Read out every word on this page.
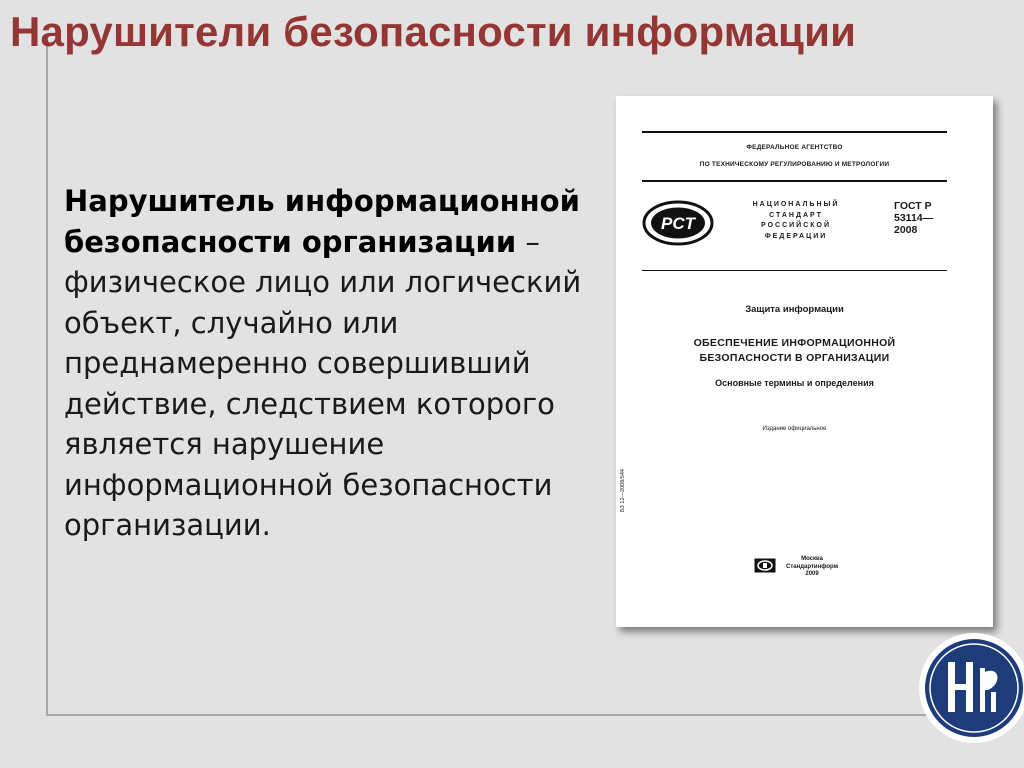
Нарушители безопасности информации

Нарушитель информационной безопасности организации – физическое лицо или логический объект, случайно или преднамеренно совершивший действие, следствием которого является нарушение информационной безопасности организации.

ФЕДЕРАЛЬНОЕ АГЕНТСТВО
ПО ТЕХНИЧЕСКОМУ РЕГУЛИРОВАНИЮ И МЕТРОЛОГИИ
PCT
НАЦИОНАЛЬНЫЙ
СТАНДАРТ
РОССИЙСКОЙ
ФЕДЕРАЦИИ
ГОСТ Р
53114—
2008
Защита информации
ОБЕСПЕЧЕНИЕ ИНФОРМАЦИОННОЙ
БЕЗОПАСНОСТИ В ОРГАНИЗАЦИИ
Основные термины и определения
Издание официальное
БЗ 12—2008/544
Москва
Стандартинформ
2009
